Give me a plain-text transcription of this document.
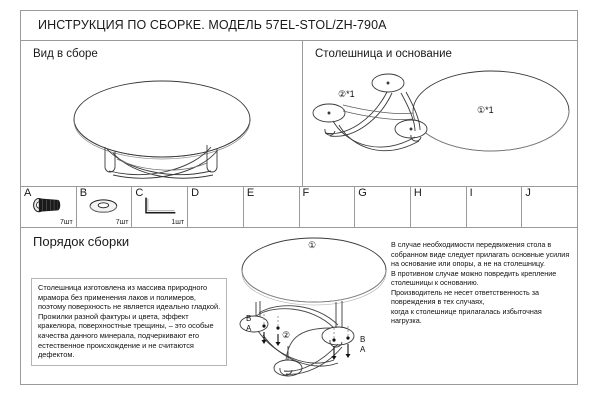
ИНСТРУКЦИЯ ПО СБОРКЕ. МОДЕЛЬ 57EL-STOL/ZH-790A
Вид в сборе	Столешница и основание
②*1
①*1
A
7шт
B
7шт
C
1шт
D	E	F	G	H	I	J
Порядок сборки

Столешница изготовлена из массива природного мрамора без применения лаков и полимеров, поэтому поверхность не является идеально гладкой.

Прожилки разной фактуры и цвета, эффект кракелюра, поверхностные трещины, – это особые качества данного минерала, подчеркивают его естественное происхождение и не считаются дефектом.

①
②
B
A
B
A

В случае необходимости передвижения стола в собранном виде следует прилагать основные усилия на основание или опоры, а не на столешницу.

В противном случае можно повредить крепление столешницы к основанию.

Производитель не несет ответственность за повреждения в тех случаях,

когда к столешнице прилагалась избыточная нагрузка.
